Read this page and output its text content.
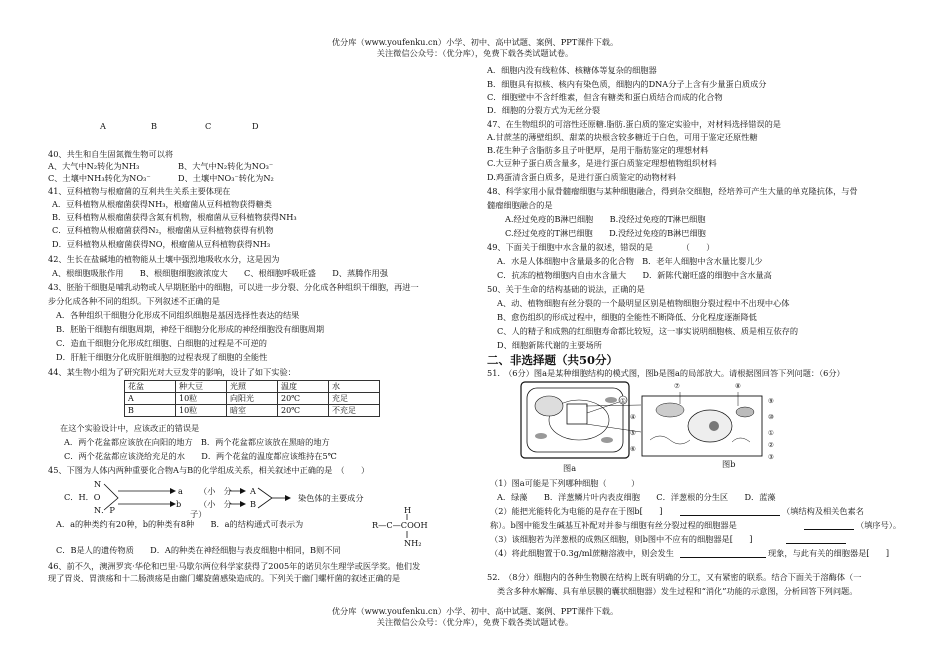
优分库（www.youfenku.cn）小学、初中、高中试题、案例、PPT课件下载。
关注微信公众号：（优分库），免费下载各类试题试卷。
A	B	C	D
40、共生和自生固氮微生物可以将
A、大气中N₂转化为NH₃	B、大气中N₂转化为NO₃⁻
C、土壤中NH₃转化为NO₃⁻	D、土壤中NO₃⁻转化为N₂
41、豆科植物与根瘤菌的互利共生关系主要体现在
A．豆科植物从根瘤菌获得NH₃，根瘤菌从豆科植物获得糖类
B．豆科植物从根瘤菌获得含氮有机物，根瘤菌从豆科植物获得NH₃
C．豆科植物从根瘤菌获得N₂，根瘤菌从豆科植物获得有机物
D．豆科植物从根瘤菌获得NO，根瘤菌从豆科植物获得NH₃
42、生长在盐碱地的植物能从土壤中强烈地吸收水分，这是因为
A、根细胞吸胀作用　　B、根细胞细胞液浓度大　　C、根细胞呼吸旺盛　　D、蒸腾作用强
43、胚胎干细胞是哺乳动物或人早期胚胎中的细胞，可以进一步分裂、分化成各种组织干细胞，再进一
步分化成各种不同的组织。下列叙述不正确的是
A．各种组织干细胞分化形成不同组织细胞是基因选择性表达的结果
B．胚胎干细胞有细胞周期，神经干细胞分化形成的神经细胞没有细胞周期
C．造血干细胞分化形成红细胞、白细胞的过程是不可逆的
D．肝脏干细胞分化成肝脏细胞的过程表现了细胞的全能性
44、某生物小组为了研究阳光对大豆发芽的影响，设计了如下实验：
花盆	种大豆	光照	温度	水
A	10粒	向阳光	20℃	充足
B	10粒	暗室	20℃	不充足
在这个实验设计中，应该改正的错误是
A．两个花盆都应该放在向阳的地方　B．两个花盆都应该放在黑暗的地方
C．两个花盆都应该浇给充足的水　　D．两个花盆的温度都应该维持在5℃
45、下图为人体内两种重要化合物A与B的化学组成关系，相关叙述中正确的是　（　　）
N
C．H．O
N．P
a （小　分
b （小　分
子）
A
B
染色体的主要成分
H
R—C—COOH
NH₂
A．a的种类约有20种，b的种类有8种　　B．a的结构通式可表示为
C．B是人的遗传物质　　D．A的种类在神经细胞与表皮细胞中相同，B则不同
46、前不久，澳洲罗宾·华伦和巴里·马歇尔两位科学家获得了2005年的诺贝尔生理学或医学奖。他们发
现了胃炎、胃溃疡和十二肠溃疡是由幽门螺旋菌感染造成的。下列关于幽门螺杆菌的叙述正确的是
A．细胞内没有线粒体、核糖体等复杂的细胞器
B．细胞具有拟核、核内有染色质，细胞内的DNA分子上含有少量蛋白质成分
C．细胞壁中不含纤维素，但含有糖类和蛋白质结合而成的化合物
D．细胞的分裂方式为无丝分裂
47、在生物组织的可溶性还原糖.脂肪.蛋白质的鉴定实验中，对材料选择错误的是
A.甘蔗茎的薄壁组织、甜菜的块根含较多糖近于白色，可用于鉴定还原性糖
B.花生种子含脂肪多且子叶肥厚，是用于脂肪鉴定的理想材料
C.大豆种子蛋白质含量多，是进行蛋白质鉴定理想植物组织材料
D.鸡蛋清含蛋白质多，是进行蛋白质鉴定的动物材料
48、科学家用小鼠骨髓瘤细胞与某种细胞融合，得到杂交细胞，经培养可产生大量的单克隆抗体，与骨
髓瘤细胞融合的是
A.经过免疫的B淋巴细胞　　B.没经过免疫的T淋巴细胞
C.经过免疫的T淋巴细胞　　D.没经过免疫的B淋巴细胞
49、下面关于细胞中水含量的叙述，错误的是　　　　（　　）
A．水是人体细胞中含量最多的化合物　B．老年人细胞中含水量比婴儿少
C．抗冻的植物细胞内自由水含量大　　D．新陈代谢旺盛的细胞中含水量高
50、关于生命的结构基础的说法，正确的是
A、动、植物细胞有丝分裂的一个最明显区别是植物细胞分裂过程中不出现中心体
B、愈伤组织的形成过程中，细胞的全能性不断降低、分化程度逐渐降低
C、人的精子和成熟的红细胞寿命都比较短，这一事实说明细胞核、质是相互依存的
D、细胞新陈代谢的主要场所
二、非选择题（共50分）
51.　（6分）图a是某种细胞结构的模式图，图b是图a的局部放大。请根据图回答下列问题：（6分）
①
图a
⑦	⑧
⑨
⑩
④
⑤
⑥
①
②
③
图b
（1）图a可能是下列哪种细胞（　　　）
A．绿藻　　B．洋葱鳞片叶内表皮细胞　　C．洋葱根的分生区　　D．蓝藻
（2）能把光能转化为电能的是存在于图b[　　]	（填结构及相关色素名
称）。b图中能发生碱基互补配对并参与细胞有丝分裂过程的细胞器是	（填序号）。
（3）该细胞若为洋葱根的成熟区细胞，则b图中不应有的细胞器是[　　]
（4）将此细胞置于0.3g/ml蔗糖溶液中，则会发生	现象，与此有关的细胞器是[　　]
52.　（8分）细胞内的各种生物膜在结构上既有明确的分工，又有紧密的联系。结合下面关于溶酶体（一
类含多种水解酶、具有单层膜的囊状细胞器）发生过程和“消化”功能的示意图，分析回答下列问题。
优分库（www.youfenku.cn）小学、初中、高中试题、案例、PPT课件下载。
关注微信公众号：（优分库），免费下载各类试题试卷。
